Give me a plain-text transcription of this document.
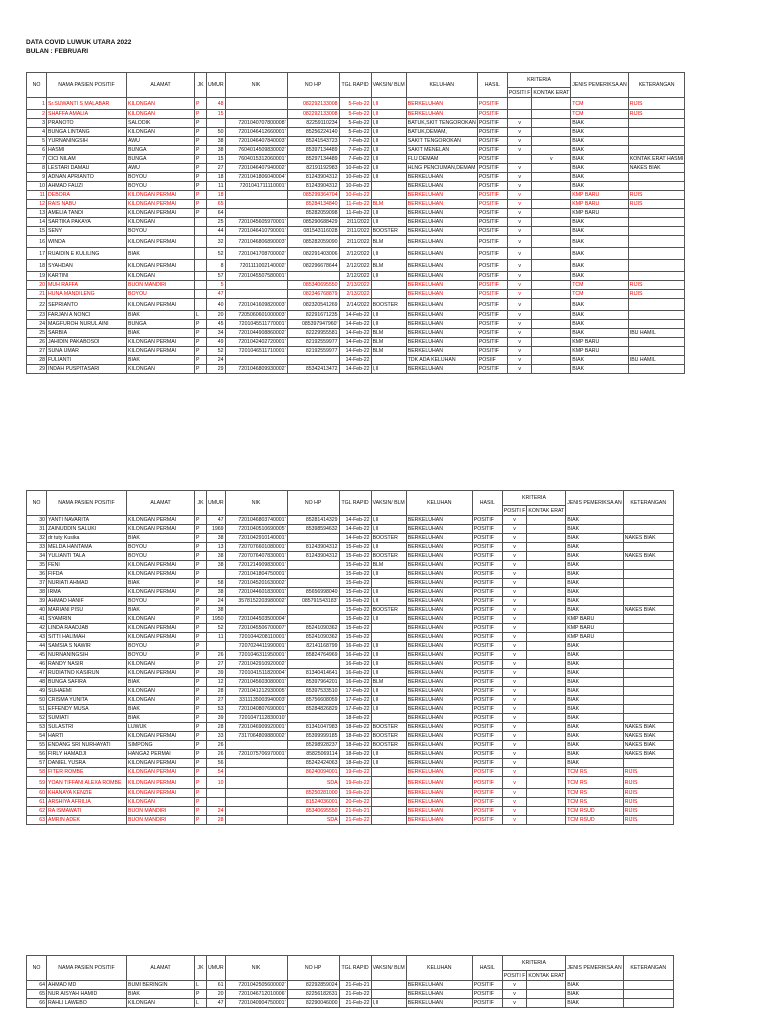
DATA COVID LUWUK UTARA 2022
BULAN : FEBRUARI
NO	NAMA PASIEN POSITIF	ALAMAT	JK	UMUR	NIK	NO HP	TGL RAPID	VAKSIN/ BLM	KELUHAN	HASIL	KRITERIA		JENIS PEMERIKSA AN	KETERANGAN
											POSITI F	KONTAK ERAT		
1	Sr.SUWANTI S MALABAR	KILONGAN	P	48		082292133008	5-Feb-22	I,II	BERKELUHAN	POSITIF			TCM	RIJIS
2	SHAFFA AMALIA	KILONGAN	P	15		082292133008	5-Feb-22	I,II	BERKELUHAN	POSITIF			TCM	RIJIS
3	PRANOTO	SALODIK	P		7201040707800008'	82259110234	5-Feb-22	I,II	BATUK,SKIT TENGOROKAN	POSITIF	v		BIAK	
4	BUNGA LINTANG	KILONGAN	P	50	7201046412660001'	85256224140	5-Feb-22	I,II	BATUK,DEMAM,	POSITIF	v		BIAK	
5	YURNANINGSIH	AWU	P	38	7201046407840003'	85241543723	7-Feb-22	I,II	SAKIT TENGOROKAN	POSITIF	v		BIAK	
6	HASMI	BUNGA	P	38	7604014509830002'	85397134489	7-Feb-22	I,II	SAKIT MENELAN	POSITIF	v		BIAK	
7	CICI NILAM	BUNGA	P	15	7604015312060001'	85297134489	7-Feb-22	I,II	FLU DEMAM	POSITIF		v	BIAK	KONTAK ERAT HASMI
8	LESTARI DAMAU	AWU	P	27	7201046407940002'	82191192983	10-Feb-22	I,II	HLNG PENCIUMAN,DEMAM	POSITIF	v		BIAK	NAKES BIAK
9	ADNAN APRIANTO	BOYOU	P	18	7201041806040004'	81243904312	10-Feb-22	I,II	BERKELUHAN	POSITIF	v		BIAK	
10	AHMAD FAUZI	BOYOU	P	11	7201041711110001'	81243904312	10-Feb-22		BERKELUHAN	POSITIF	v		BIAK	
11	DEBORA	KILONGAN PERMAI	P	18		085299364704	10-Feb-22		BERKELUHAN	POSITIF	v		KMP BARU	RIJIS
12	RAIS NABU	KILONGAN PERMAI	P	65		85284134840	11-Feb-22	BLM	BERKELUHAN	POSITIF	v		KMP BARU	RIJIS
13	AMELIA TANDI	KILONGAN PERMAI	P	64		85282059098	11-Feb-22	I,II	BERKELUHAN	POSITIF	v		KMP BARU	
14	SARTIKA PAKAYA	KILONGAN		25	7201045605970001'	085290688429	2/11/2022	I,II	BERKELUHAN	POSITIF	v		BIAK	
15	SENY	BOYOU		44	7201046410790001'	081543116028	2/11/2022	BOOSTER	BERKELUHAN	POSITIF	v		BIAK	
16	WINDA	KILONGAN PERMAI		32	7201046806890003'	085282059090	2/11/2022	BLM	BERKELUHAN	POSITIF	v		BIAK	
17	RUAIDIN E KULILING	BIAK		52	7201041708700002'	082291403006	2/12/2022	I,II	BERKELUHAN	POSITIF	v		BIAK	
18	SYAHDAN	KILONGAN PERMAI		8	7201111002140002'	082296678644	2/12/2022	BLM	BERKELUHAN	POSITIF	v		BIAK	
19	KARTINI	KILONGAN		57	7201045507580001'		2/12/2022	I,II	BERKELUHAN	POSITIF	v		BIAK	
20	MUH RAFFA	BUON MANDIRI		5		085340695550	2/13/2022		BERKELUHAN	POSITIF	v		TCM	RIJIS
21	HUNA MANDILENG	BOYOU		47		082346768879	2/13/2022		BERKELUHAN	POSITIF	v		TCM	RIJIS
22	SEPRIANTO	KILONGAN PERMAI		40	7201041609820003'	082320541269	2/14/2022	BOOSTER	BERKELUHAN	POSITIF	v		BIAK	
23	FARJAN A NONCI	BIAK	L	20	7205060601000003'	82291671235	14-Feb-22	I,II	BERKELUHAN	POSITIF	v		BIAK	
24	MAGFUROH NURUL AINI	BUNGA	P	45	7201045511770001'	085397947960'	14-Feb-22	I,II	BERKELUHAN	POSITIF	v		BIAK	
25	SARBIA	BIAK	P	34	7201044908860002'	82229955581	14-Feb-22	BLM	BERKELUHAN	POSITIF	v		BIAK	IBU HAMIL
26	JAHIDIN PAKABOSOI	KILONGAN PERMAI	P	49	7201042402720001'	82192559977	14-Feb-22	BLM	BERKELUHAN	POSITIF	v		KMP BARU	
27	SUNA UMAR	KILONGAN PERMAI	P	52	7201046511710001'	82192559977	14-Feb-22	BLM	BERKELUHAN	POSITIF	v		KMP BARU	
28	FULIANTI	BIAK	P	24			14-Feb-22		TDK ADA KELUHAN	POSIIF	v		BIAK	IBU HAMIL
29	INDAH PUSPITASARI	KILONGAN	P	29	7201046809930002'	85342413472	14-Feb-22	I,II	BERKELUHAN	POSITIF	v		BIAK	
NO	NAMA PASIEN POSITIF	ALAMAT	JK	UMUR	NIK	NO HP	TGL RAPID	VAKSIN/ BLM	KELUHAN	HASIL	KRITERIA		JENIS PEMERIKSA AN	KETERANGAN
											POSITI F	KONTAK ERAT		
30	YANTI NAVARITA	KILONGAN PERMAI	P	47	7201046803740001'	85281414329	14-Feb-22	I,II	BERKELUHAN	POSITIF	v		BIAK	
31	ZAINUDDIN SALUKI	KILONGAN PERMAI	P	1969	7201040510690005'	85398594632	14-Feb-22	I,II	BERKELUHAN	POSITIF	v		BIAK	
32	dr tuty Kusika	BIAK	P	38	7201042910140001'		14-Feb-22	BOOSTER	BERKELUHAN	POSITIF	v		BIAK	NAKES BIAK
33	MELDA HANTAMA	BOYOU	P	13	7207076601080001'	81243904312	15-Feb-22	I,II	BERKELUHAN	POSITIF	v		BIAK	
34	YULIANTI TALA	BOYOU	P	38	7207076407830001'	81243904312	15-Feb-22	BOOSTER	BERKELUHAN	POSITIF	v		BIAK	NAKES BIAK
35	FENI	KILONGAN PERMAI	P	38	7201214909830001'		15-Feb-22	BLM	BERKELUHAN	POSITIF	v		BIAK	
36	FIFDA	KILONGAN PERMAI	P		7201041804750001'		15-Feb-22	I,II	BERKELUHAN	POSITIF	v		BIAK	
37	NURIATI AHMAD	BIAK	P	58	7201045201630002'		15-Feb-22		BERKELUHAN	POSITIF	v		BIAK	
38	IRMA	KILONGAN PERMAI	P	38	7201044601830001'	85656998040	15-Feb-22	I,II	BERKELUHAN	POSITIF	v		BIAK	
39	AHMAD HANIF	BOYOU	P	24	3578152203980002'	085791543183'	15-Feb-22	I,II	BERKELUHAN	POSITIF	v		BIAK	
40	MARIANI PISU	BIAK	P	38			15-Feb-22	BOOSTER	BERKELUHAN	POSITIF	v		BIAK	NAKES BIAK
41	SYAMRIN	KILONGAN	P	1950	7201044503500004'		15-Feb-22	I,II	BERKELUHAN	POSITIF	v		KMP BARU	
42	LINDA RAADJAB	KILONGAN PERMAI	P	52	7201045506700007'	85241090362	15-Feb-22		BERKELUHAN	POSITIF	v		KMP BARU	
43	SITTI HALIMAH	KILONGAN PERMAI	P	11	7201044208110001'	85241090362	15-Feb-22		BERKELUHAN	POSITIF	v		KMP BARU	
44	SAMSIA S NAWIR	BOYOU	P		7207024411990001'	82141168799	16-Feb-22	I,II	BERKELUHAN	POSITIF	v		BIAK	
45	NURNANINGSIH	BOYOU	P	26	7201046311950001'	85824764969	16-Feb-22	I,II	BERKELUHAN	POSITIF	v		BIAK	
46	RANDY NASIR	KILONGAN	P	27	7201042910920002'		16-Feb-22	I,II	BERKELUHAN	POSITIF	v		BIAK	
47	RUDIATNO KASIRUN	KILONGAN PERMAI	P	39	7201041511820004'	81340414641	16-Feb-22	I,II	BERKELUHAN	POSITIF	v		BIAK	
48	BUNGA SAFIRA	BIAK	P	12	7201045603080001'	85397964201	16-Feb-22	BLM	BERKELUHAN	POSITIF	v		BIAK	
49	SUHAEMI	KILONGAN	P	28	7201041212930005'	85397533510	17-Feb-22	I,II	BERKELUHAN	POSITIF	v		BIAK	
50	CRISMA YUNITA	KILONGAN	P	27	3311135003940003'	85756608059	17-Feb-22	I,II	BERKELUHAN	POSITIF	v		BIAK	
51	EFFENDY MUSA	BIAK	P	53	7201040807690001'	85284826829	17-Feb-22	I,II	BERKELUHAN	POSITIF	v		BIAK	
52	SUMIATI	BIAK	P	39	7201047112830010'		18-Feb-22		BERKELUHAN	POSITIF	v		BIAK	
53	SULASTRI	LUWUK	P	28	7201046909920001'	81341047983	18-Feb-22	BOOSTER	BERKELUHAN	POSITIF	v		BIAK	NAKES BIAK
54	HARTI	KILONGAN PERMAI	P	33	7317064809880002'	85399999185	18-Feb-22	BOOSTER	BERKELUHAN	POSITIF	v		BIAK	NAKES BIAK
55	ENDANG SRI NURHAYATI	SIMPONG	P	26		85298928237	18-Feb-22	BOOSTER	BERKELUHAN	POSITIF	v		BIAK	NAKES BIAK
56	FIRLY HAMADJI	HANGA2 PERMAI	P	26	7201075706970001'	85825069114	18-Feb-22	I,II	BERKELUHAN	POSITIF	v		BIAK	NAKES BIAK
57	DANIEL YUSRA	KILONGAN PERMAI	P	56		85242424063	18-Feb-22	I,II	BERKELUHAN	POSITIF	v		BIAK	
58	FITER ROMBE	KILONGAN PERMAI	P	54		86240094001	19-Feb-22		BERKELUHAN	POSITIF	v		TCM RS	RIJIS
59	YOAN TIFFANI ALEXA ROMBE	KILONGAN PERMAI	P	10		SDA	19-Feb-22		BERKELUHAN	POSITIF	v		TCM RS	RIJIS
60	KHANAYA KENZIE	KILONGAN PERMAI	P			85250281000	19-Feb-22		BERKELUHAN	POSITIF	v		TCM RS	RIJIS
61	ARSHIYA AFRILIA	KILONGAN	P			81524036001	20-Feb-22		BERKELUHAN	POSITIF	v		TCM RS	RIJIS
62	RA ISMAWATI	BUON MANDIRI	P	24		85340695550	21-Feb-21		BERKELUHAN	POSITIF	v		TCM RSUD	RIJIS
63	AMRIN ADEK	BUON MANDIRI	P	28		SDA	21-Feb-22		BERKELUHAN	POSITIF	v		TCM RSUD	RIJIS
NO	NAMA PASIEN POSITIF	ALAMAT	JK	UMUR	NIK	NO HP	TGL RAPID	VAKSIN/ BLM	KELUHAN	HASIL	KRITERIA		JENIS PEMERIKSA AN	KETERANGAN
											POSITI F	KONTAK ERAT		
64	AHMAD MD	BUMI BERINGIN	L	61	7201042505600002'	82292859024	21-Feb-21		BERKELUHAN	POSITIF	v		BIAK	
65	NUR AISYAH HAMID	BIAK	P	20	7201046712010006'	82256182631	21-Feb-22		BERKELUHAN	POSITIF	v		BIAK	
66	RAHLI LAWEBO	KILONGAN	L	47	7201040904750001'	82290046000	21-Feb-22	I,II	BERKELUHAN	POSITIF	v		BIAK	
